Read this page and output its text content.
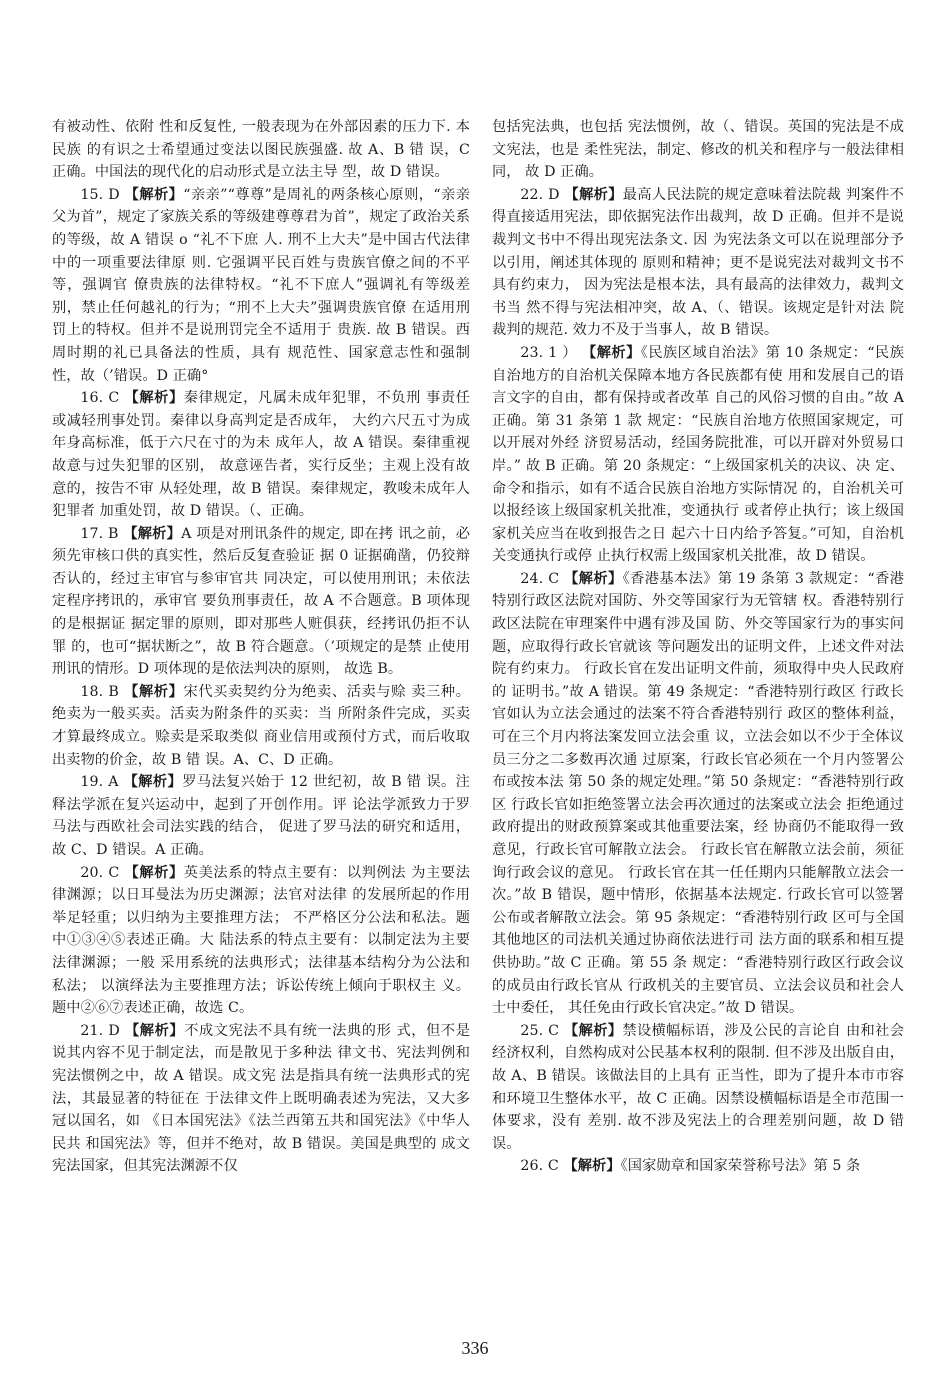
有被动性、依附 性和反复性, 一般表现为在外部因素的压力下. 本民族 的有识之士希望通过变法以图民族强盛. 故 A、B 错 误，C 正确。中国法的现代化的启动形式是立法主导 型，故 D 错误。

15. D 【解析】“亲亲”“尊尊”是周礼的两条核心原则，“亲亲父为首”，规定了家族关系的等级建尊尊君为首”，规定了政治关系的等级，故 A 错误 o “礼不下庶 人. 刑不上大夫”是中国古代法律中的一项重要法律原 则. 它强调平民百姓与贵族官僚之间的不平等，强调官 僚贵族的法律特权。“礼不下庶人”强调礼有等级差 别，禁止任何越礼的行为；“刑不上大夫”强调贵族官僚 在适用刑罚上的特权。但并不是说刑罚完全不适用于 贵族. 故 B 错误。西周时期的礼已具备法的性质，具有 规范性、国家意志性和强制性，故（’错误。D 正确°

16. C 【解析】秦律规定，凡属未成年犯罪，不负刑 事责任或减轻刑事处罚。秦律以身高判定是否成年， 大约六尺五寸为成年身高标准，低于六尺在寸的为未 成年人，故 A 错误。秦律重视故意与过失犯罪的区别， 故意诬告者，实行反坐；主观上没有故意的，按告不审 从轻处理，故 B 错误。秦律规定，教唆未成年人犯罪者 加重处罚，故 D 错误。（、正确。

17. B 【解析】A 项是对刑讯条件的规定, 即在拷 讯之前，必须先审核口供的真实性，然后反复查验证 据 0 证据确凿，仍狡辩否认的，经过主审官与参审官共 同决定，可以使用刑讯；未依法定程序拷讯的，承审官 要负刑事责任，故 A 不合题意。B 项体现的是根据证 据定罪的原则，即对那些人赃俱获，经拷讯仍拒不认罪 的，也可“据状断之”，故 B 符合题意。（’项规定的是禁 止使用刑讯的情形。D 项体现的是依法判决的原则， 故选 B。

18. B 【解析】宋代买卖契约分为绝卖、活卖与赊 卖三种。绝卖为一般买卖。活卖为附条件的买卖：当 所附条件完成，买卖才算最终成立。赊卖是采取类似 商业信用或预付方式，而后收取出卖物的价金，故 B 错 误。A、C、D 正确。

19. A 【解析】罗马法复兴始于 12 世纪初，故 B 错 误。注释法学派在复兴运动中，起到了开创作用。评 论法学派致力于罗马法与西欧社会司法实践的结合， 促进了罗马法的研究和适用，故 C、D 错误。A 正确。

20. C 【解析】英美法系的特点主要有：以判例法 为主要法律渊源；以日耳曼法为历史渊源；法官对法律 的发展所起的作用举足轻重；以归纳为主要推理方法； 不严格区分公法和私法。题中①③④⑤表述正确。大 陆法系的特点主要有：以制定法为主要法律渊源；一般 采用系统的法典形式；法律基本结构分为公法和私法； 以演绎法为主要推理方法；诉讼传统上倾向于职权主 义。题中②⑥⑦表述正确，故选 C。

21. D 【解析】不成文宪法不具有统一法典的形 式，但不是说其内容不见于制定法，而是散见于多种法 律文书、宪法判例和宪法惯例之中，故 A 错误。成文宪 法是指具有统一法典形式的宪法，其最显著的特征在 于法律文件上既明确表述为宪法，又大多冠以国名，如 《日本国宪法》《法兰西第五共和国宪法》《中华人民共 和国宪法》等，但并不绝对，故 B 错误。美国是典型的 成文宪法国家，但其宪法渊源不仅

包括宪法典，也包括 宪法惯例，故（、错误。英国的宪法是不成文宪法，也是 柔性宪法，制定、修改的机关和程序与一般法律相同， 故 D 正确。

22. D 【解析】最高人民法院的规定意味着法院裁 判案件不得直接适用宪法，即依据宪法作出裁判，故 D 正确。但并不是说裁判文书中不得出现宪法条文. 因 为宪法条文可以在说理部分予以引用，阐述其体现的 原则和精神；更不是说宪法对裁判文书不具有约束力， 因为宪法是根本法，具有最高的法律效力，裁判文书当 然不得与宪法相冲突，故 A、（、错误。该规定是针对法 院裁判的规范. 效力不及于当事人，故 B 错误。

23. 1 ） 【解析】《民族区域自治法》第 10 条规定：“民族自治地方的自治机关保障本地方各民族都有使 用和发展自己的语言文字的自由，都有保持或者改革 自己的风俗习惯的自由。”故 A 正确。第 31 条第 1 款 规定：“民族自治地方依照国家规定，可以开展对外经 济贸易活动，经国务院批准，可以开辟对外贸易口岸。” 故 B 正确。第 20 条规定：“上级国家机关的决议、决 定、命令和指示，如有不适合民族自治地方实际情况 的，自治机关可以报经该上级国家机关批准，变通执行 或者停止执行；该上级国家机关应当在收到报告之日 起六十日内给予答复。”可知，自治机关变通执行或停 止执行权需上级国家机关批准，故 D 错误。

24. C 【解析】《香港基本法》第 19 条第 3 款规定：“香港特别行政区法院对国防、外交等国家行为无管辖 权。香港特别行政区法院在审理案件中遇有涉及国 防、外交等国家行为的事实问题，应取得行政长官就该 等问题发出的证明文件，上述文件对法院有约束力。 行政长官在发出证明文件前，须取得中央人民政府的 证明书。”故 A 错误。第 49 条规定：“香港特别行政区 行政长官如认为立法会通过的法案不符合香港特别行 政区的整体利益，可在三个月内将法案发回立法会重 议，立法会如以不少于全体议员三分之二多数再次通 过原案，行政长官必须在一个月内签署公布或按本法 第 50 条的规定处理。”第 50 条规定：“香港特别行政区 行政长官如拒绝签署立法会再次通过的法案或立法会 拒绝通过政府提出的财政预算案或其他重要法案，经 协商仍不能取得一致意见，行政长官可解散立法会。 行政长官在解散立法会前，须征询行政会议的意见。 行政长官在其一任任期内只能解散立法会一次。”故 B 错误，题中情形，依据基本法规定. 行政长官可以签署 公布或者解散立法会。第 95 条规定：“香港特别行政 区可与全国其他地区的司法机关通过协商依法进行司 法方面的联系和相互提供协助。”故 C 正确。第 55 条 规定：“香港特别行政区行政会议的成员由行政长官从 行政机关的主要官员、立法会议员和社会人士中委任， 其任免由行政长官决定。”故 D 错误。

25. C 【解析】禁设横幅标语，涉及公民的言论自 由和社会经济权利，自然构成对公民基本权利的限制. 但不涉及出版自由，故 A、B 错误。该做法目的上具有 正当性，即为了提升本市市容和环境卫生整体水平，故 C 正确。因禁设横幅标语是全市范围一体要求，没有 差别. 故不涉及宪法上的合理差别问题，故 D 错误。

26. C 【解析】《国家勋章和国家荣誉称号法》第 5 条

336
